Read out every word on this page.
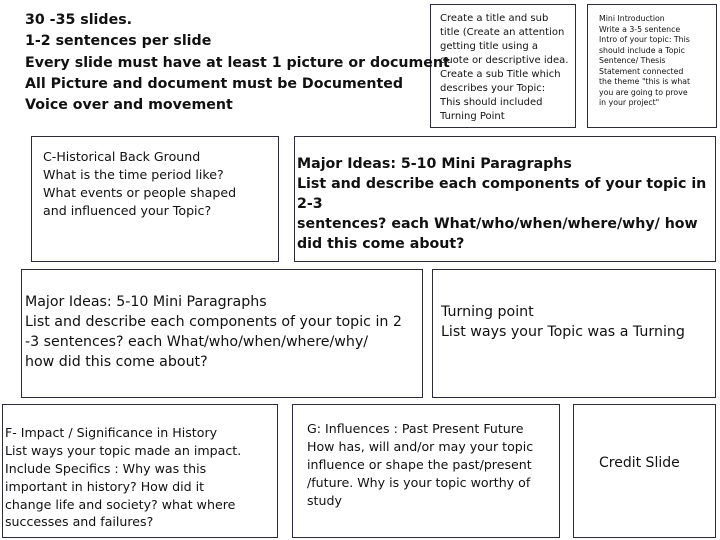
30 -35 slides.
1-2 sentences per slide
Every slide must have at least 1 picture or document
All Picture and document must be Documented
Voice over and movement
Create a title and sub
title (Create an attention
getting title using a
quote or descriptive idea.
Create a sub Title which
describes your Topic:
This should included
Turning Point
Mini Introduction
Write a 3-5 sentence
Intro of your topic: This
should include a Topic
Sentence/ Thesis
Statement connected
the theme "this is what
you are going to prove
in your project"
C-Historical Back Ground
What is the time period like?
What events or people shaped
and influenced your Topic?
Major Ideas: 5-10 Mini Paragraphs
List and describe each components of your topic in 2-3
sentences? each What/who/when/where/why/ how
did this come about?
Major Ideas: 5-10 Mini Paragraphs
List and describe each components of your topic in 2
-3 sentences? each What/who/when/where/why/
how did this come about?
Turning point
List ways your Topic was a Turning
F- Impact / Significance in History
List ways your topic made an impact.
Include Specifics : Why was this
important in history? How did it
change life and society? what where
successes and failures?
G: Influences : Past Present Future
How has, will and/or may your topic
influence or shape the past/present
/future. Why is your topic worthy of
study
Credit Slide
